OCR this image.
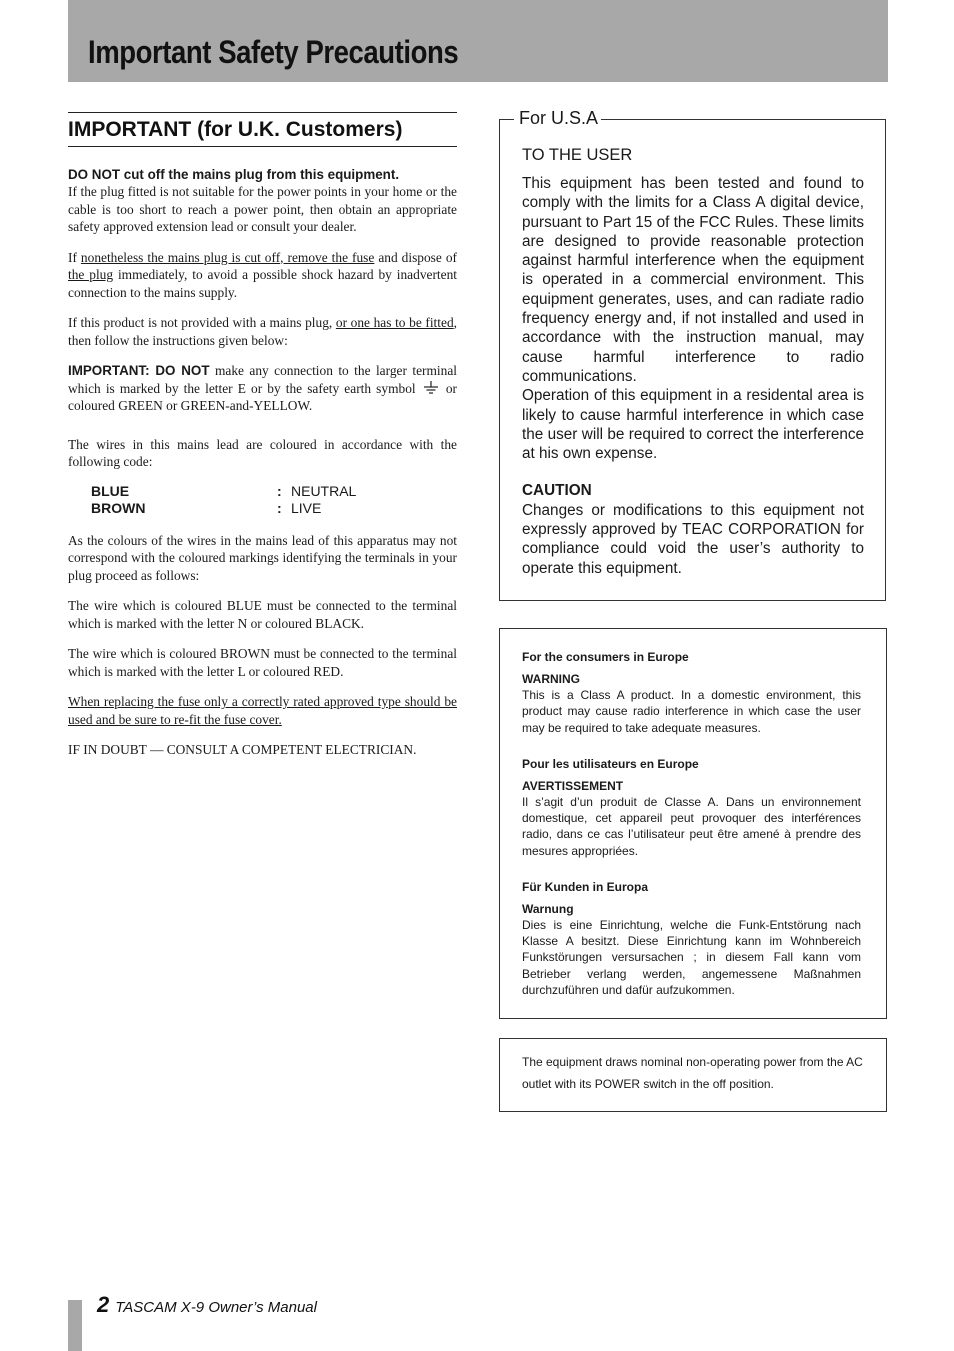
Important Safety Precautions
IMPORTANT (for U.K. Customers)

DO NOT cut off the mains plug from this equipment.

If the plug fitted is not suitable for the power points in your home or the cable is too short to reach a power point, then obtain an appropriate safety approved extension lead or consult your dealer.

If nonetheless the mains plug is cut off, remove the fuse and dispose of the plug immediately, to avoid a possible shock hazard by inadvertent connection to the mains supply.

If this product is not provided with a mains plug, or one has to be fitted, then follow the instructions given below:

IMPORTANT: DO NOT make any connection to the larger terminal which is marked by the letter E or by the safety earth symbol  or coloured GREEN or GREEN-and-YELLOW.

The wires in this mains lead are coloured in accordance with the following code:

BLUE	: NEUTRAL
BROWN	: LIVE

As the colours of the wires in the mains lead of this apparatus may not correspond with the coloured markings identifying the terminals in your plug proceed as follows:

The wire which is coloured BLUE must be connected to the terminal which is marked with the letter N or coloured BLACK.

The wire which is coloured BROWN must be connected to the terminal which is marked with the letter L or coloured RED.

When replacing the fuse only a correctly rated approved type should be used and be sure to re-fit the fuse cover.

IF IN DOUBT — CONSULT A COMPETENT ELECTRICIAN.

For U.S.A
TO THE USER

This equipment has been tested and found to comply with the limits for a Class A digital device, pursuant to Part 15 of the FCC Rules. These limits are designed to provide reasonable protection against harmful interference when the equipment is operated in a commercial environment. This equipment generates, uses, and can radiate radio frequency energy and, if not installed and used in accordance with the instruction manual, may cause harmful interference to radio communications.

Operation of this equipment in a residental area is likely to cause harmful interference in which case the user will be required to correct the interference at his own expense.

CAUTION

Changes or modifications to this equipment not expressly approved by TEAC CORPORATION for compliance could void the user’s authority to operate this equipment.

For the consumers in Europe

WARNING

This is a Class A product. In a domestic environment, this product may cause radio interference in which case the user may be required to take adequate measures.

Pour les utilisateurs en Europe

AVERTISSEMENT

Il s’agit d’un produit de Classe A. Dans un environnement domestique, cet appareil peut provoquer des interférences radio, dans ce cas l’utilisateur peut être amené à prendre des mesures appropriées.

Für Kunden in Europa

Warnung

Dies is eine Einrichtung, welche die Funk-Entstörung nach Klasse A besitzt. Diese Einrichtung kann im Wohnbereich Funkstörungen versursachen ; in diesem Fall kann vom Betrieber verlang werden, angemessene Maßnahmen durchzuführen und dafür aufzukommen.

The equipment draws nominal non-operating power from the AC outlet with its POWER switch in the off position.

2 TASCAM X-9 Owner’s Manual
